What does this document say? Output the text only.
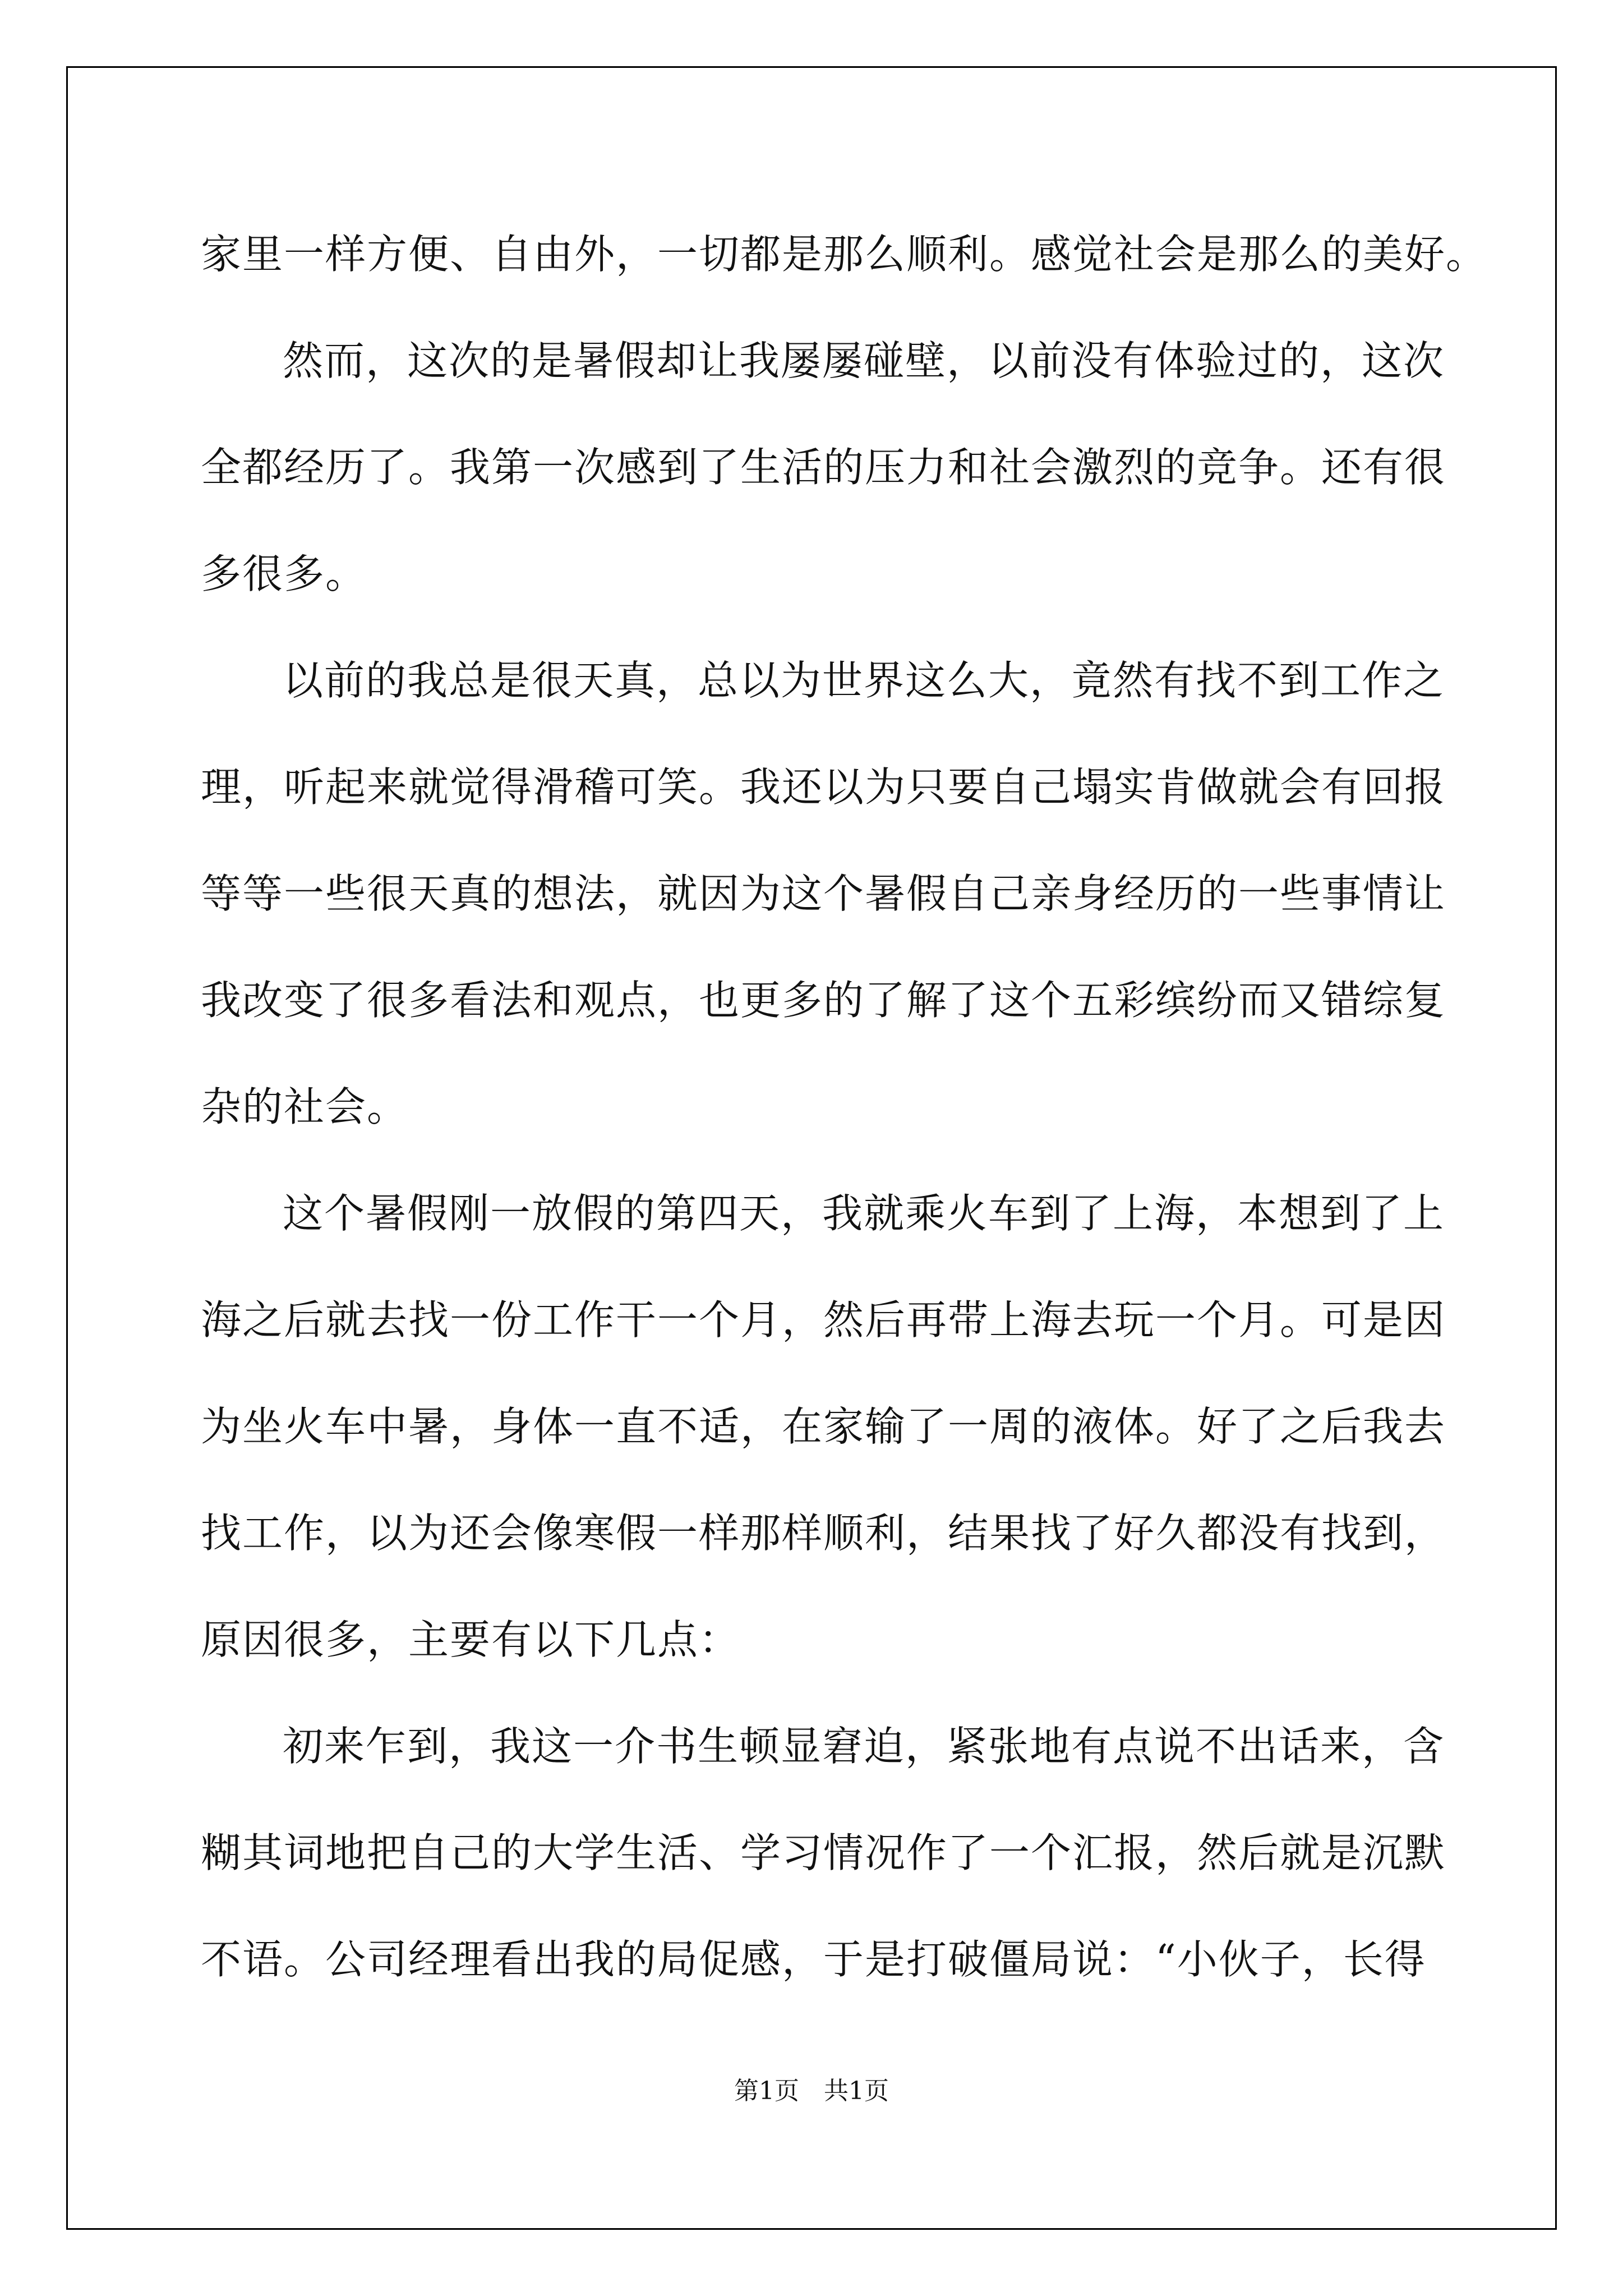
家里一样方便、自由外，一切都是那么顺利。感觉社会是那么的美好。
然而，这次的是暑假却让我屡屡碰壁，以前没有体验过的，这次
全都经历了。我第一次感到了生活的压力和社会激烈的竞争。还有很
多很多。
以前的我总是很天真，总以为世界这么大，竟然有找不到工作之
理，听起来就觉得滑稽可笑。我还以为只要自己塌实肯做就会有回报
等等一些很天真的想法，就因为这个暑假自己亲身经历的一些事情让
我改变了很多看法和观点，也更多的了解了这个五彩缤纷而又错综复
杂的社会。
这个暑假刚一放假的第四天，我就乘火车到了上海，本想到了上
海之后就去找一份工作干一个月，然后再带上海去玩一个月。可是因
为坐火车中暑，身体一直不适，在家输了一周的液体。好了之后我去
找工作，以为还会像寒假一样那样顺利，结果找了好久都没有找到，
原因很多，主要有以下几点：
初来乍到，我这一介书生顿显窘迫，紧张地有点说不出话来，含
糊其词地把自己的大学生活、学习情况作了一个汇报，然后就是沉默
不语。公司经理看出我的局促感，于是打破僵局说：“小伙子，长得
第1页 共1页
